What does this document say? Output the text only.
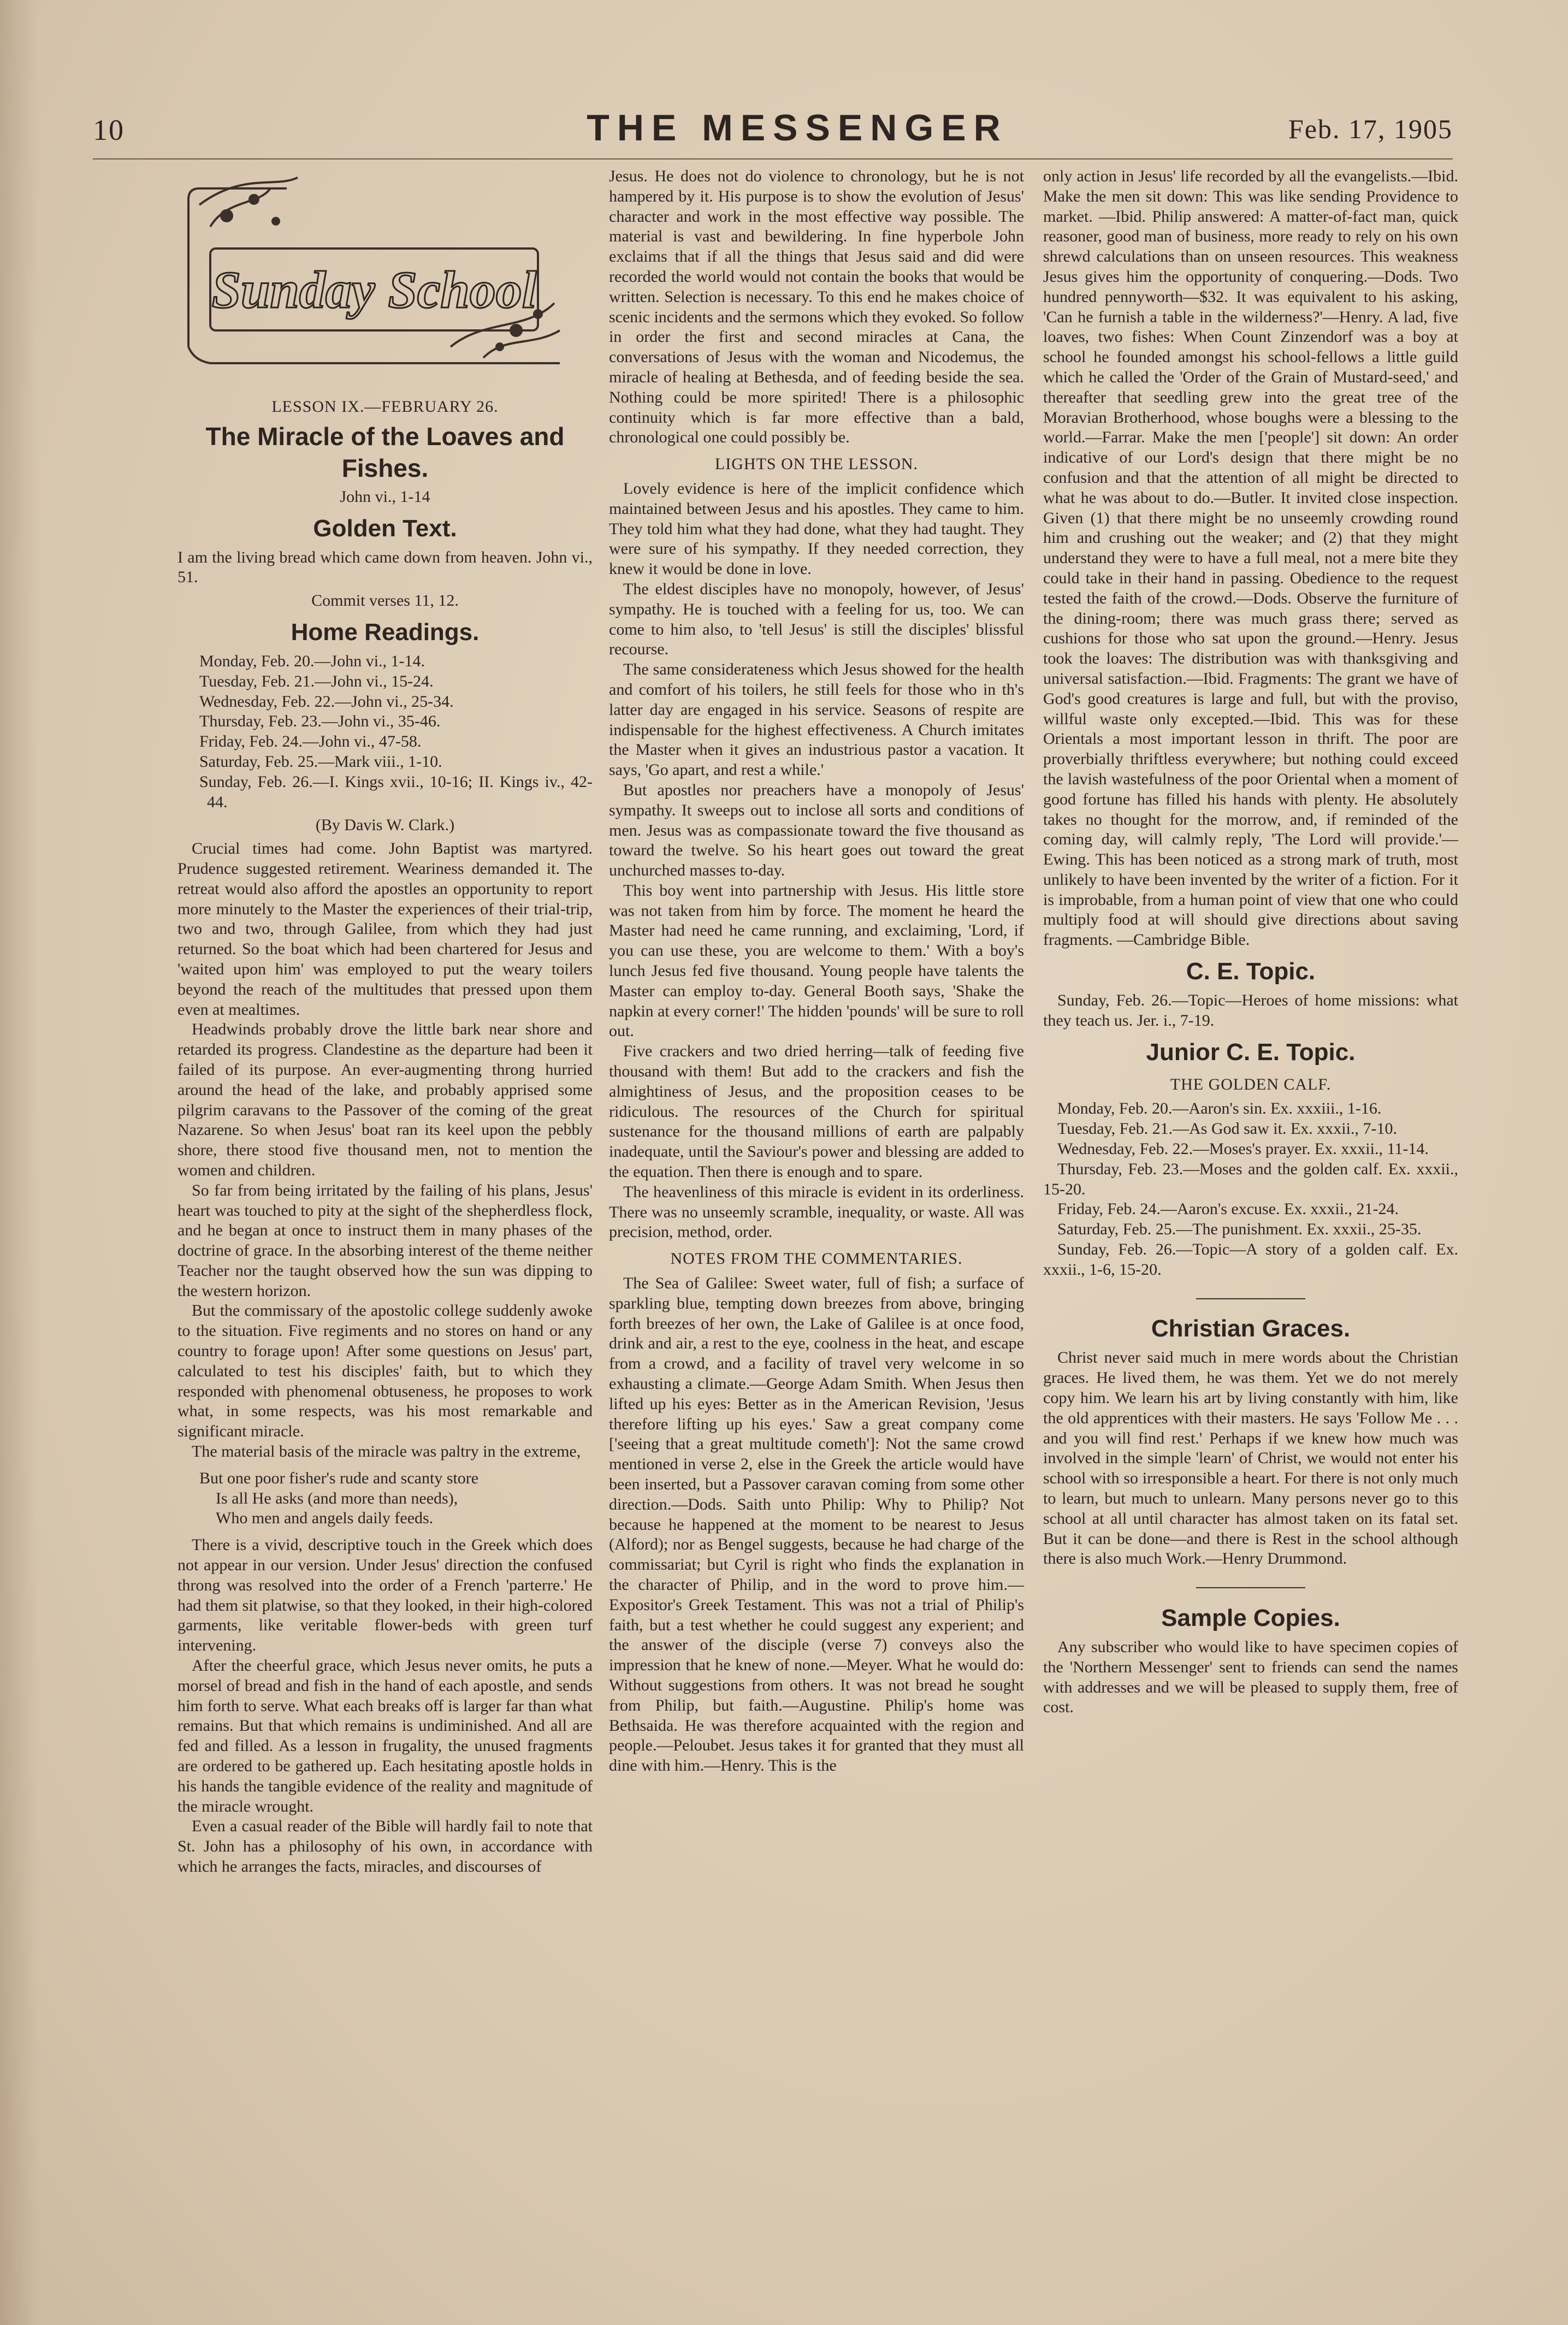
10	THE MESSENGER	Feb. 17, 1905
Sunday School

LESSON IX.—FEBRUARY 26.

The Miracle of the Loaves and Fishes.
John vi., 1-14
Golden Text.

I am the living bread which came down from heaven. John vi., 51.

Commit verses 11, 12.
Home Readings.
Monday, Feb. 20.—John vi., 1-14.
Tuesday, Feb. 21.—John vi., 15-24.
Wednesday, Feb. 22.—John vi., 25-34.
Thursday, Feb. 23.—John vi., 35-46.
Friday, Feb. 24.—John vi., 47-58.
Saturday, Feb. 25.—Mark viii., 1-10.
Sunday, Feb. 26.—I. Kings xvii., 10-16; II. Kings iv., 42-44.
(By Davis W. Clark.)

Crucial times had come. John Baptist was martyred. Prudence suggested retirement. Weariness demanded it. The retreat would also afford the apostles an opportunity to report more minutely to the Master the experiences of their trial-trip, two and two, through Galilee, from which they had just returned. So the boat which had been chartered for Jesus and 'waited upon him' was employed to put the weary toilers beyond the reach of the multitudes that pressed upon them even at mealtimes.

Headwinds probably drove the little bark near shore and retarded its progress. Clandestine as the departure had been it failed of its purpose. An ever-augmenting throng hurried around the head of the lake, and probably apprised some pilgrim caravans to the Passover of the coming of the great Nazarene. So when Jesus' boat ran its keel upon the pebbly shore, there stood five thousand men, not to mention the women and children.

So far from being irritated by the failing of his plans, Jesus' heart was touched to pity at the sight of the shepherdless flock, and he began at once to instruct them in many phases of the doctrine of grace. In the absorbing interest of the theme neither Teacher nor the taught observed how the sun was dipping to the western horizon.

But the commissary of the apostolic college suddenly awoke to the situation. Five regiments and no stores on hand or any country to forage upon! After some questions on Jesus' part, calculated to test his disciples' faith, but to which they responded with phenomenal obtuseness, he proposes to work what, in some respects, was his most remarkable and significant miracle.

The material basis of the miracle was paltry in the extreme,

But one poor fisher's rude and scanty store
Is all He asks (and more than needs),
Who men and angels daily feeds.

There is a vivid, descriptive touch in the Greek which does not appear in our version. Under Jesus' direction the confused throng was resolved into the order of a French 'parterre.' He had them sit platwise, so that they looked, in their high-colored garments, like veritable flower-beds with green turf intervening.

After the cheerful grace, which Jesus never omits, he puts a morsel of bread and fish in the hand of each apostle, and sends him forth to serve. What each breaks off is larger far than what remains. But that which remains is undiminished. And all are fed and filled. As a lesson in frugality, the unused fragments are ordered to be gathered up. Each hesitating apostle holds in his hands the tangible evidence of the reality and magnitude of the miracle wrought.

Even a casual reader of the Bible will hardly fail to note that St. John has a philosophy of his own, in accordance with which he arranges the facts, miracles, and discourses of

Jesus. He does not do violence to chronology, but he is not hampered by it. His purpose is to show the evolution of Jesus' character and work in the most effective way possible. The material is vast and bewildering. In fine hyperbole John exclaims that if all the things that Jesus said and did were recorded the world would not contain the books that would be written. Selection is necessary. To this end he makes choice of scenic incidents and the sermons which they evoked. So follow in order the first and second miracles at Cana, the conversations of Jesus with the woman and Nicodemus, the miracle of healing at Bethesda, and of feeding beside the sea. Nothing could be more spirited! There is a philosophic continuity which is far more effective than a bald, chronological one could possibly be.

LIGHTS ON THE LESSON.

Lovely evidence is here of the implicit confidence which maintained between Jesus and his apostles. They came to him. They told him what they had done, what they had taught. They were sure of his sympathy. If they needed correction, they knew it would be done in love.

The eldest disciples have no monopoly, however, of Jesus' sympathy. He is touched with a feeling for us, too. We can come to him also, to 'tell Jesus' is still the disciples' blissful recourse.

The same considerateness which Jesus showed for the health and comfort of his toilers, he still feels for those who in th's latter day are engaged in his service. Seasons of respite are indispensable for the highest effectiveness. A Church imitates the Master when it gives an industrious pastor a vacation. It says, 'Go apart, and rest a while.'

But apostles nor preachers have a monopoly of Jesus' sympathy. It sweeps out to inclose all sorts and conditions of men. Jesus was as compassionate toward the five thousand as toward the twelve. So his heart goes out toward the great unchurched masses to-day.

This boy went into partnership with Jesus. His little store was not taken from him by force. The moment he heard the Master had need he came running, and exclaiming, 'Lord, if you can use these, you are welcome to them.' With a boy's lunch Jesus fed five thousand. Young people have talents the Master can employ to-day. General Booth says, 'Shake the napkin at every corner!' The hidden 'pounds' will be sure to roll out.

Five crackers and two dried herring—talk of feeding five thousand with them! But add to the crackers and fish the almightiness of Jesus, and the proposition ceases to be ridiculous. The resources of the Church for spiritual sustenance for the thousand millions of earth are palpably inadequate, until the Saviour's power and blessing are added to the equation. Then there is enough and to spare.

The heavenliness of this miracle is evident in its orderliness. There was no unseemly scramble, inequality, or waste. All was precision, method, order.

NOTES FROM THE COMMENTARIES.

The Sea of Galilee: Sweet water, full of fish; a surface of sparkling blue, tempting down breezes from above, bringing forth breezes of her own, the Lake of Galilee is at once food, drink and air, a rest to the eye, coolness in the heat, and escape from a crowd, and a facility of travel very welcome in so exhausting a climate.—George Adam Smith. When Jesus then lifted up his eyes: Better as in the American Revision, 'Jesus therefore lifting up his eyes.' Saw a great company come ['seeing that a great multitude cometh']: Not the same crowd mentioned in verse 2, else in the Greek the article would have been inserted, but a Passover caravan coming from some other direction.—Dods. Saith unto Philip: Why to Philip? Not because he happened at the moment to be nearest to Jesus (Alford); nor as Bengel suggests, because he had charge of the commissariat; but Cyril is right who finds the explanation in the character of Philip, and in the word to prove him.—Expositor's Greek Testament. This was not a trial of Philip's faith, but a test whether he could suggest any experient; and the answer of the disciple (verse 7) conveys also the impression that he knew of none.—Meyer. What he would do: Without suggestions from others. It was not bread he sought from Philip, but faith.—Augustine. Philip's home was Bethsaida. He was therefore acquainted with the region and people.—Peloubet. Jesus takes it for granted that they must all dine with him.—Henry. This is the

only action in Jesus' life recorded by all the evangelists.—Ibid. Make the men sit down: This was like sending Providence to market. —Ibid. Philip answered: A matter-of-fact man, quick reasoner, good man of business, more ready to rely on his own shrewd calculations than on unseen resources. This weakness Jesus gives him the opportunity of conquering.—Dods. Two hundred pennyworth—$32. It was equivalent to his asking, 'Can he furnish a table in the wilderness?'—Henry. A lad, five loaves, two fishes: When Count Zinzendorf was a boy at school he founded amongst his school-fellows a little guild which he called the 'Order of the Grain of Mustard-seed,' and thereafter that seedling grew into the great tree of the Moravian Brotherhood, whose boughs were a blessing to the world.—Farrar. Make the men ['people'] sit down: An order indicative of our Lord's design that there might be no confusion and that the attention of all might be directed to what he was about to do.—Butler. It invited close inspection. Given (1) that there might be no unseemly crowding round him and crushing out the weaker; and (2) that they might understand they were to have a full meal, not a mere bite they could take in their hand in passing. Obedience to the request tested the faith of the crowd.—Dods. Observe the furniture of the dining-room; there was much grass there; served as cushions for those who sat upon the ground.—Henry. Jesus took the loaves: The distribution was with thanksgiving and universal satisfaction.—Ibid. Fragments: The grant we have of God's good creatures is large and full, but with the proviso, willful waste only excepted.—Ibid. This was for these Orientals a most important lesson in thrift. The poor are proverbially thriftless everywhere; but nothing could exceed the lavish wastefulness of the poor Oriental when a moment of good fortune has filled his hands with plenty. He absolutely takes no thought for the morrow, and, if reminded of the coming day, will calmly reply, 'The Lord will provide.'—Ewing. This has been noticed as a strong mark of truth, most unlikely to have been invented by the writer of a fiction. For it is improbable, from a human point of view that one who could multiply food at will should give directions about saving fragments. —Cambridge Bible.

C. E. Topic.

Sunday, Feb. 26.—Topic—Heroes of home missions: what they teach us. Jer. i., 7-19.

Junior C. E. Topic.
THE GOLDEN CALF.

Monday, Feb. 20.—Aaron's sin. Ex. xxxiii., 1-16.

Tuesday, Feb. 21.—As God saw it. Ex. xxxii., 7-10.

Wednesday, Feb. 22.—Moses's prayer. Ex. xxxii., 11-14.

Thursday, Feb. 23.—Moses and the golden calf. Ex. xxxii., 15-20.

Friday, Feb. 24.—Aaron's excuse. Ex. xxxii., 21-24.

Saturday, Feb. 25.—The punishment. Ex. xxxii., 25-35.

Sunday, Feb. 26.—Topic—A story of a golden calf. Ex. xxxii., 1-6, 15-20.

Christian Graces.

Christ never said much in mere words about the Christian graces. He lived them, he was them. Yet we do not merely copy him. We learn his art by living constantly with him, like the old apprentices with their masters. He says 'Follow Me . . . and you will find rest.' Perhaps if we knew how much was involved in the simple 'learn' of Christ, we would not enter his school with so irresponsible a heart. For there is not only much to learn, but much to unlearn. Many persons never go to this school at all until character has almost taken on its fatal set. But it can be done—and there is Rest in the school although there is also much Work.—Henry Drummond.

Sample Copies.

Any subscriber who would like to have specimen copies of the 'Northern Messenger' sent to friends can send the names with addresses and we will be pleased to supply them, free of cost.
